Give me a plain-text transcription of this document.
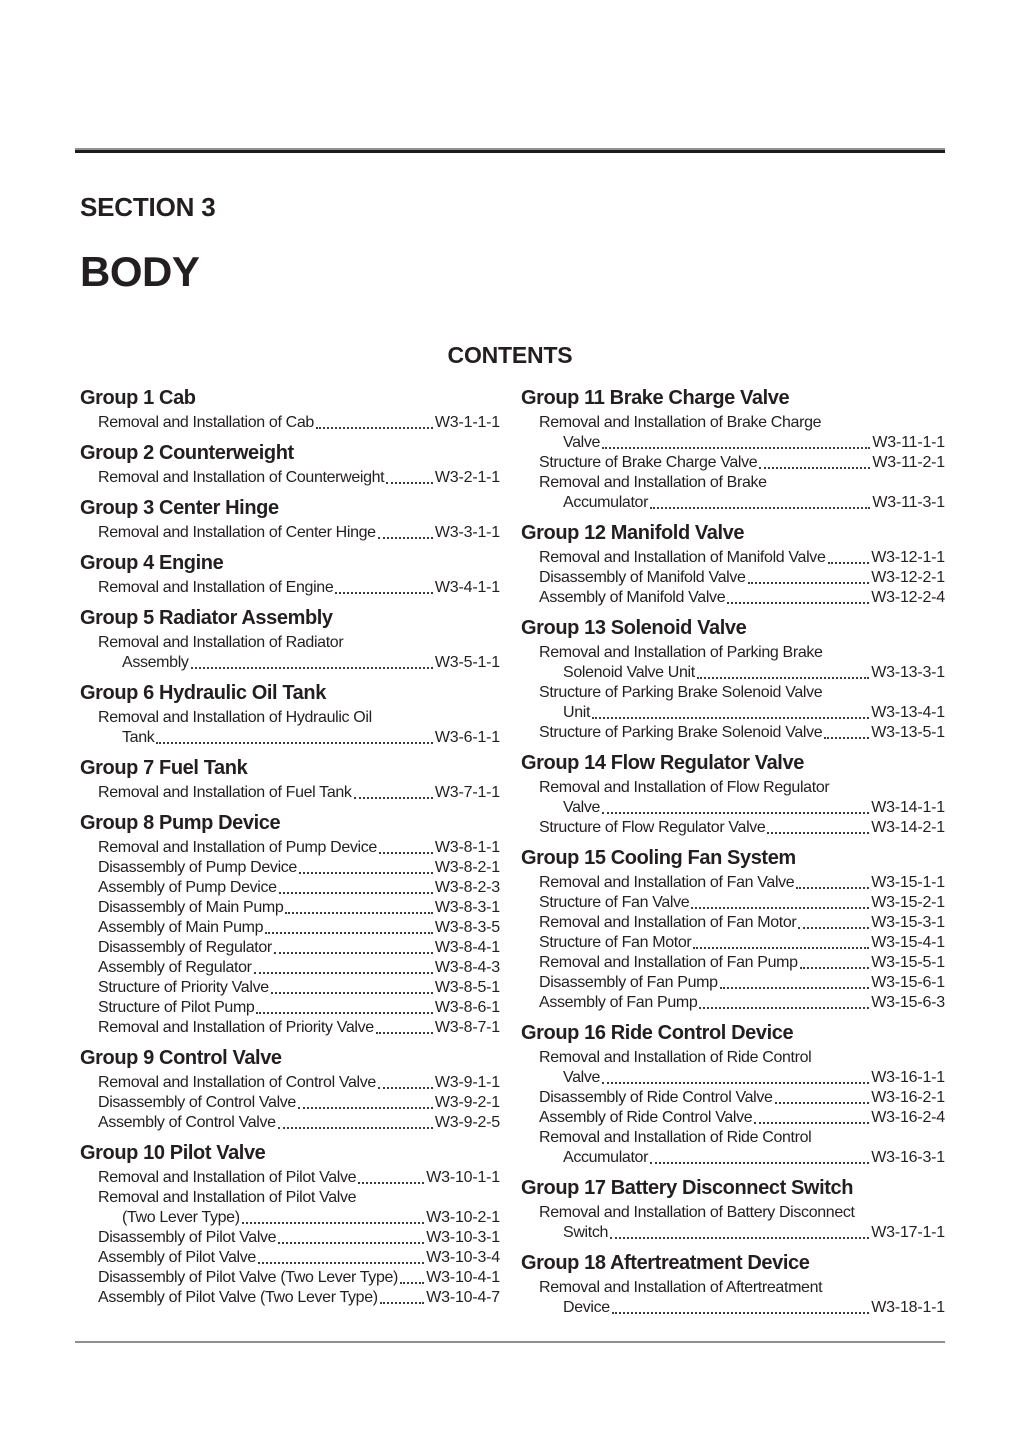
SECTION 3
BODY
CONTENTS
Group 1 Cab
Removal and Installation of Cab	W3-1-1-1
Group 2 Counterweight
Removal and Installation of Counterweight	W3-2-1-1
Group 3 Center Hinge
Removal and Installation of Center Hinge	W3-3-1-1
Group 4 Engine
Removal and Installation of Engine	W3-4-1-1
Group 5 Radiator Assembly
Removal and Installation of Radiator
Assembly	W3-5-1-1
Group 6 Hydraulic Oil Tank
Removal and Installation of Hydraulic Oil
Tank	W3-6-1-1
Group 7 Fuel Tank
Removal and Installation of Fuel Tank	W3-7-1-1
Group 8 Pump Device
Removal and Installation of Pump Device	W3-8-1-1
Disassembly of Pump Device	W3-8-2-1
Assembly of Pump Device	W3-8-2-3
Disassembly of Main Pump	W3-8-3-1
Assembly of Main Pump	W3-8-3-5
Disassembly of Regulator	W3-8-4-1
Assembly of Regulator	W3-8-4-3
Structure of Priority Valve	W3-8-5-1
Structure of Pilot Pump	W3-8-6-1
Removal and Installation of Priority Valve	W3-8-7-1
Group 9 Control Valve
Removal and Installation of Control Valve	W3-9-1-1
Disassembly of Control Valve	W3-9-2-1
Assembly of Control Valve	W3-9-2-5
Group 10 Pilot Valve
Removal and Installation of Pilot Valve	W3-10-1-1
Removal and Installation of Pilot Valve
(Two Lever Type)	W3-10-2-1
Disassembly of Pilot Valve	W3-10-3-1
Assembly of Pilot Valve	W3-10-3-4
Disassembly of Pilot Valve (Two Lever Type) W3-10-4-1
Assembly of Pilot Valve (Two Lever Type)	W3-10-4-7
Group 11 Brake Charge Valve
Removal and Installation of Brake Charge
Valve	W3-11-1-1
Structure of Brake Charge Valve	W3-11-2-1
Removal and Installation of Brake
Accumulator	W3-11-3-1
Group 12 Manifold Valve
Removal and Installation of Manifold Valve	W3-12-1-1
Disassembly of Manifold Valve	W3-12-2-1
Assembly of Manifold Valve	W3-12-2-4
Group 13 Solenoid Valve
Removal and Installation of Parking Brake
Solenoid Valve Unit	W3-13-3-1
Structure of Parking Brake Solenoid Valve
Unit	W3-13-4-1
Structure of Parking Brake Solenoid Valve	W3-13-5-1
Group 14 Flow Regulator Valve
Removal and Installation of Flow Regulator
Valve	W3-14-1-1
Structure of Flow Regulator Valve	W3-14-2-1
Group 15 Cooling Fan System
Removal and Installation of Fan Valve	W3-15-1-1
Structure of Fan Valve	W3-15-2-1
Removal and Installation of Fan Motor	W3-15-3-1
Structure of Fan Motor	W3-15-4-1
Removal and Installation of Fan Pump	W3-15-5-1
Disassembly of Fan Pump	W3-15-6-1
Assembly of Fan Pump	W3-15-6-3
Group 16 Ride Control Device
Removal and Installation of Ride Control
Valve	W3-16-1-1
Disassembly of Ride Control Valve	W3-16-2-1
Assembly of Ride Control Valve	W3-16-2-4
Removal and Installation of Ride Control
Accumulator	W3-16-3-1
Group 17 Battery Disconnect Switch
Removal and Installation of Battery Disconnect
Switch	W3-17-1-1
Group 18 Aftertreatment Device
Removal and Installation of Aftertreatment
Device	W3-18-1-1
